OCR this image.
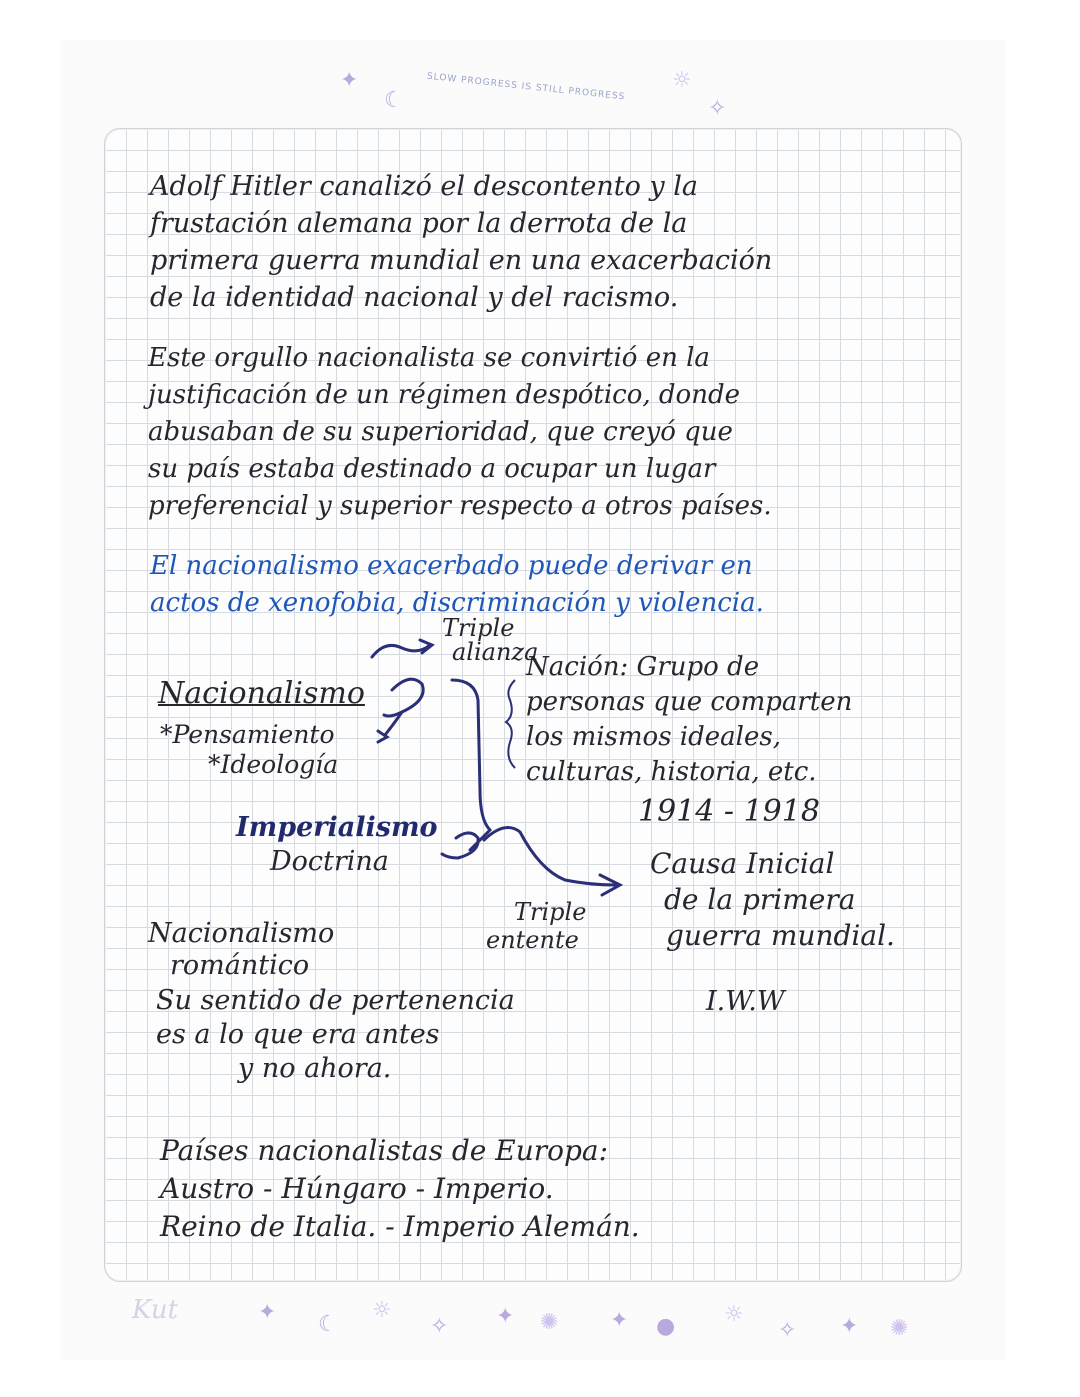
✦
☾	SLOW PROGRESS IS STILL PROGRESS	☼
✧
Adolf Hitler canalizó el descontento y la
frustación alemana por la derrota de la
primera guerra mundial en una exacerbación
de la identidad nacional y del racismo.
Este orgullo nacionalista se convirtió en la
justificación de un régimen despótico, donde
abusaban de su superioridad, que creyó que
su país estaba destinado a ocupar un lugar
preferencial y superior respecto a otros países.
El nacionalismo exacerbado puede derivar en
actos de xenofobia, discriminación y violencia.
Triple
alianza
Nacionalismo
*Pensamiento
*Ideología
Imperialismo
Doctrina
Nación: Grupo de
personas que comparten
los mismos ideales,
culturas, historia, etc.
1914 - 1918
Causa Inicial
de la primera
guerra mundial.
Triple
entente
Nacionalismo
romántico
Su sentido de pertenencia
es a lo que era antes
y no ahora.
I.W.W
Países nacionalistas de Europa:
Austro - Húngaro - Imperio.
Reino de Italia. - Imperio Alemán.
Kut	✦ ☾
☼
✧ ✦ ✺ ✦ ● ☼
✧ ✦ ✺
